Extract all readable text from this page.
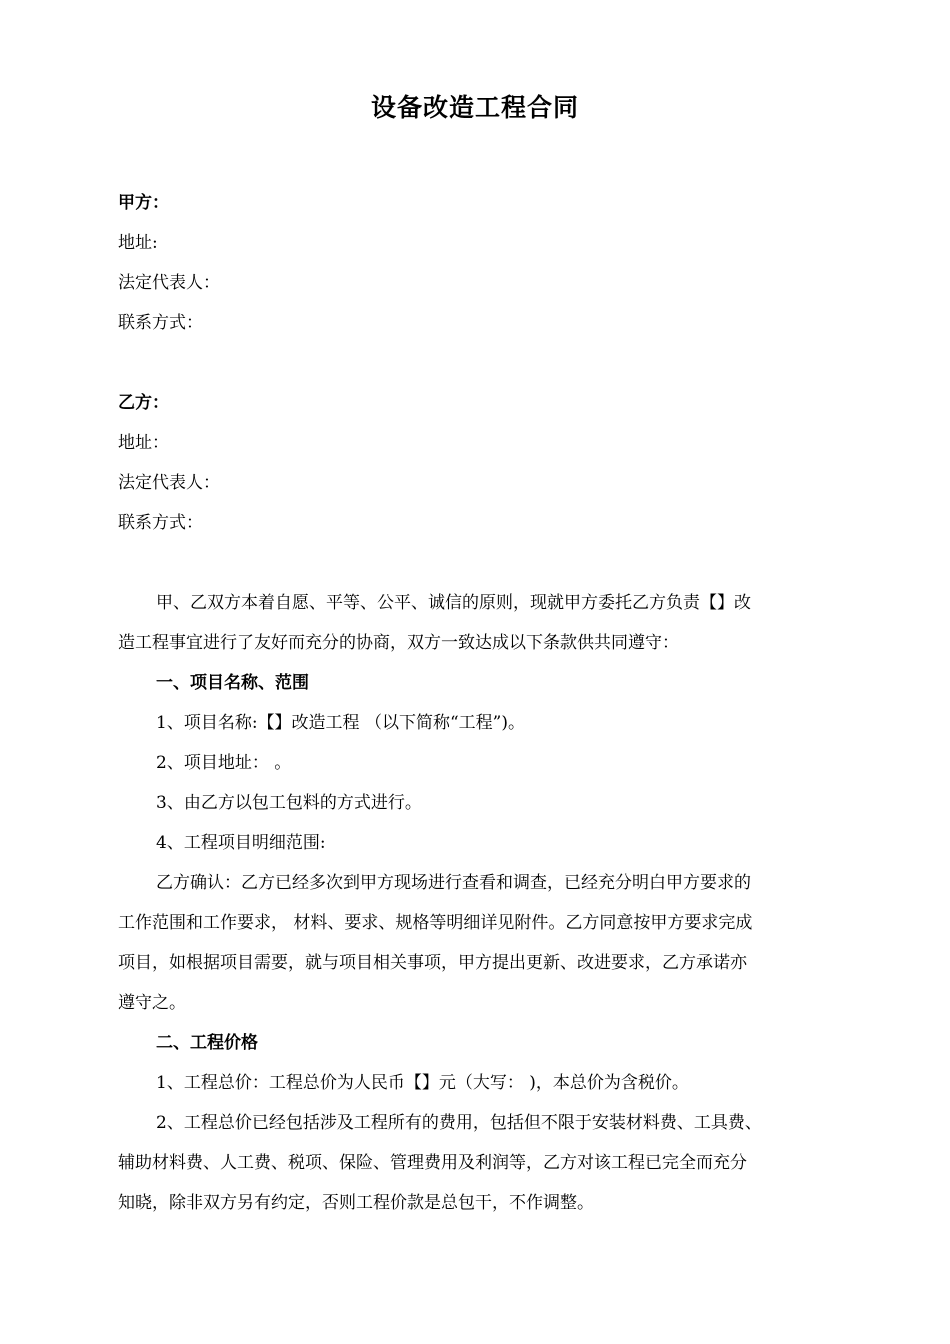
设备改造工程合同
甲方：
地址:
法定代表人：
联系方式：
乙方：
地址：
法定代表人：
联系方式：
甲、乙双方本着自愿、平等、公平、诚信的原则，现就甲方委托乙方负责【】改
造工程事宜进行了友好而充分的协商，双方一致达成以下条款供共同遵守：
一、项目名称、范围
1、项目名称:【】改造工程 （以下简称“工程”)。
2、项目地址： 。
3、由乙方以包工包料的方式进行。
4、工程项目明细范围:
乙方确认：乙方已经多次到甲方现场进行查看和调查，已经充分明白甲方要求的
工作范围和工作要求， 材料、要求、规格等明细详见附件。乙方同意按甲方要求完成
项目，如根据项目需要，就与项目相关事项，甲方提出更新、改进要求，乙方承诺亦
遵守之。
二、工程价格
1、工程总价：工程总价为人民币【】元（大写： )，本总价为含税价。
2、工程总价已经包括涉及工程所有的费用，包括但不限于安装材料费、工具费、
辅助材料费、人工费、税项、保险、管理费用及利润等，乙方对该工程已完全而充分
知晓，除非双方另有约定，否则工程价款是总包干，不作调整。
